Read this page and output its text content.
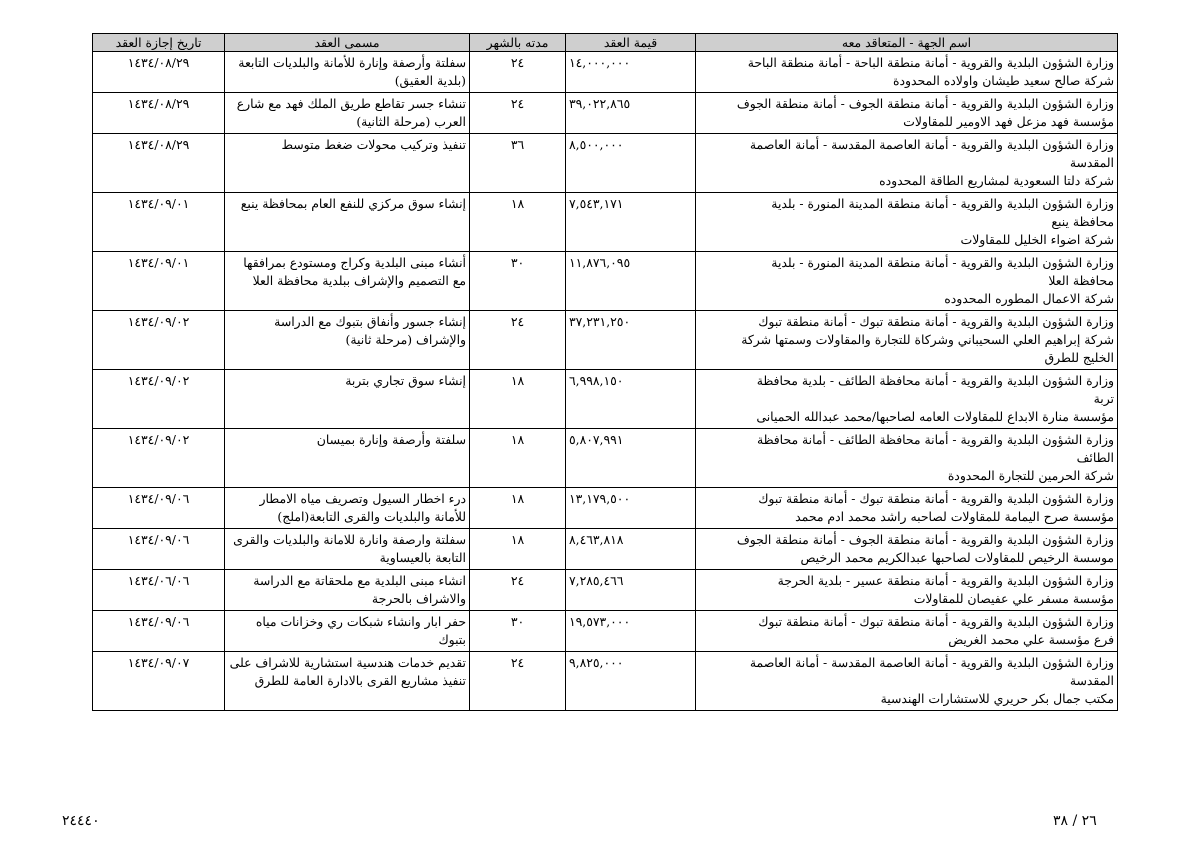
اسم الجهة - المتعاقد معه	قيمة العقد	مدته بالشهر	مسمى العقد	تاريخ إجازة العقد

وزارة الشؤون البلدية والقروية - أمانة منطقة الباحة - أمانة منطقة الباحة
شركة صالح سعيد طيشان واولاده المحدودة	١٤,٠٠٠,٠٠٠	٢٤	سفلتة وأرصفة وإنارة للأمانة والبلديات التابعة (بلدية العقيق)	١٤٣٤/٠٨/٢٩

وزارة الشؤون البلدية والقروية - أمانة منطقة الجوف - أمانة منطقة الجوف
مؤسسة فهد مزعل فهد الاومير للمقاولات	٣٩,٠٢٢,٨٦٥	٢٤	تنشاء جسر تقاطع طريق الملك فهد مع شارع العرب (مرحلة الثانية)	١٤٣٤/٠٨/٢٩

وزارة الشؤون البلدية والقروية - أمانة العاصمة المقدسة - أمانة العاصمة
المقدسة
شركة دلتا السعودية لمشاريع الطاقة المحدوده	٨,٥٠٠,٠٠٠	٣٦	تنفيذ وتركيب محولات ضغط متوسط	١٤٣٤/٠٨/٢٩

وزارة الشؤون البلدية والقروية - أمانة منطقة المدينة المنورة - بلدية
محافظة ينبع
شركة اضواء الخليل للمقاولات	٧,٥٤٣,١٧١	١٨	إنشاء سوق مركزي للنفع العام بمحافظة ينبع	١٤٣٤/٠٩/٠١

وزارة الشؤون البلدية والقروية - أمانة منطقة المدينة المنورة - بلدية
محافظة العلا
شركة الاعمال المطوره المحدوده	١١,٨٧٦,٠٩٥	٣٠	أنشاء مبنى البلدية وكراج ومستودع بمرافقها مع التصميم والإشراف ببلدية محافظة العلا	١٤٣٤/٠٩/٠١

وزارة الشؤون البلدية والقروية - أمانة منطقة تبوك - أمانة منطقة تبوك
شركة إبراهيم العلي السحيباني وشركاة للتجارة والمقاولات وسمتها شركة
الخليج للطرق	٣٧,٢٣١,٢٥٠	٢٤	إنشاء جسور وأنفاق بتبوك مع الدراسة والإشراف (مرحلة ثانية)	١٤٣٤/٠٩/٠٢

وزارة الشؤون البلدية والقروية - أمانة محافظة الطائف - بلدية محافظة
تربة
مؤسسة منارة الابداع للمقاولات العامه لصاحبها/محمد عبدالله الحميانى	٦,٩٩٨,١٥٠	١٨	إنشاء سوق تجاري بتربة	١٤٣٤/٠٩/٠٢

وزارة الشؤون البلدية والقروية - أمانة محافظة الطائف - أمانة محافظة
الطائف
شركة الحرمين للتجارة المحدودة	٥,٨٠٧,٩٩١	١٨	سلفتة وأرصفة وإنارة بميسان	١٤٣٤/٠٩/٠٢

وزارة الشؤون البلدية والقروية - أمانة منطقة تبوك - أمانة منطقة تبوك
مؤسسة صرح اليمامة للمقاولات لصاحبه راشد محمد ادم محمد	١٣,١٧٩,٥٠٠	١٨	درء اخطار السيول وتصريف مياه الامطار للأمانة والبلديات والقرى التابعة(املج)	١٤٣٤/٠٩/٠٦

وزارة الشؤون البلدية والقروية - أمانة منطقة الجوف - أمانة منطقة الجوف
موسسة الرخيص للمقاولات لصاحبها عبدالكريم محمد الرخيص	٨,٤٦٣,٨١٨	١٨	سفلتة وارصفة وانارة للامانة والبلديات والقرى التابعة بالعيساوية	١٤٣٤/٠٩/٠٦

وزارة الشؤون البلدية والقروية - أمانة منطقة عسير - بلدية الحرجة
مؤسسة مسفر علي عفيصان للمقاولات	٧,٢٨٥,٤٦٦	٢٤	انشاء مبنى البلدية مع ملحقاتة مع الدراسة والاشراف بالحرجة	١٤٣٤/٠٦/٠٦

وزارة الشؤون البلدية والقروية - أمانة منطقة تبوك - أمانة منطقة تبوك
فرع مؤسسة علي محمد الغريض	١٩,٥٧٣,٠٠٠	٣٠	حفر ابار وانشاء شبكات ري وخزانات مياه بتبوك	١٤٣٤/٠٩/٠٦

وزارة الشؤون البلدية والقروية - أمانة العاصمة المقدسة - أمانة العاصمة
المقدسة
مكتب جمال بكر حريري للاستشارات الهندسية	٩,٨٢٥,٠٠٠	٢٤	تقديم خدمات هندسية استشارية للاشراف على تنفيذ مشاريع القرى بالادارة العامة للطرق	١٤٣٤/٠٩/٠٧
٢٤٤٤٠	٢٦ / ٣٨
